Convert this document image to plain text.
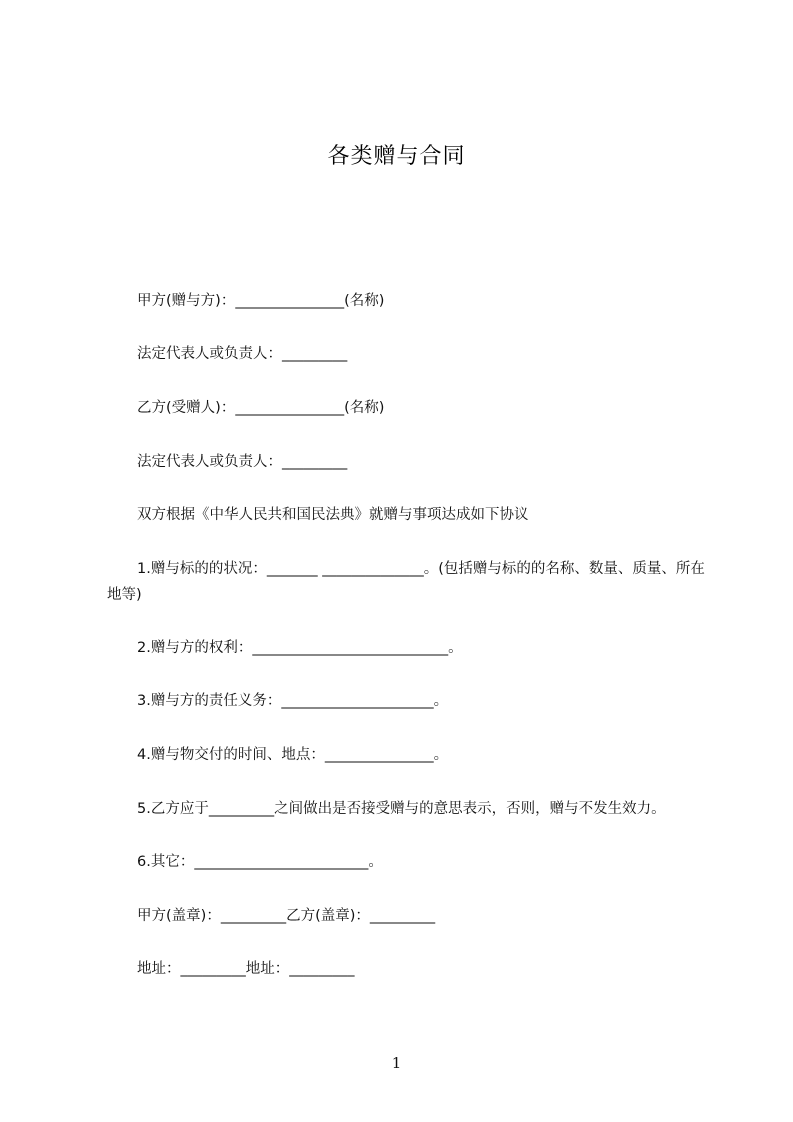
各类赠与合同
甲方(赠与方)：_______________(名称)
法定代表人或负责人：_________
乙方(受赠人)：_______________(名称)
法定代表人或负责人：_________
双方根据《中华人民共和国民法典》就赠与事项达成如下协议
1.赠与标的的状况：_______ ______________。(包括赠与标的的名称、数量、质量、所在地等)
2.赠与方的权利：___________________________。
3.赠与方的责任义务：_____________________。
4.赠与物交付的时间、地点：_______________。
5.乙方应于_________之间做出是否接受赠与的意思表示，否则，赠与不发生效力。
6.其它：________________________。
甲方(盖章)：_________乙方(盖章)：_________
地址：_________地址：_________
1
